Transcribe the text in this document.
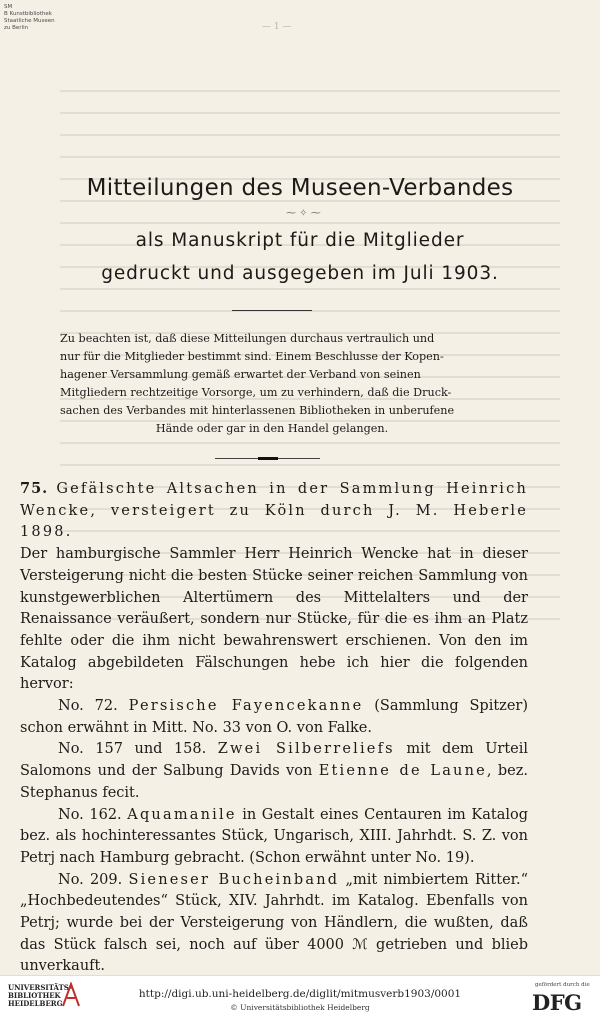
SM
B Kunstbibliothek
Staatliche Museen
zu Berlin	— 1 —
Mitteilungen des Museen-Verbandes
⁓ ✧ ⁓
als Manuskript für die Mitglieder
gedruckt und ausgegeben im Juli 1903.
Zu beachten ist, daß diese Mitteilungen durchaus vertraulich und
nur für die Mitglieder bestimmt sind. Einem Beschlusse der Kopen-
hagener Versammlung gemäß erwartet der Verband von seinen
Mitgliedern rechtzeitige Vorsorge, um zu verhindern, daß die Druck-
sachen des Verbandes mit hinterlassenen Bibliotheken in unberufene
Hände oder gar in den Handel gelangen.

75. Gefälschte Altsachen in der Sammlung Heinrich Wencke, versteigert zu Köln durch J. M. Heberle 1898.

Der hamburgische Sammler Herr Heinrich Wencke hat in dieser Versteigerung nicht die besten Stücke seiner reichen Sammlung von kunstgewerblichen Altertümern des Mittelalters und der Renaissance veräußert, sondern nur Stücke, für die es ihm an Platz fehlte oder die ihm nicht bewahrenswert erschienen. Von den im Katalog abgebildeten Fälschungen hebe ich hier die folgenden hervor:

No. 72. Persische Fayencekanne (Sammlung Spitzer) schon erwähnt in Mitt. No. 33 von O. von Falke.

No. 157 und 158. Zwei Silberreliefs mit dem Urteil Salomons und der Salbung Davids von Etienne de Laune, bez. Stephanus fecit.

No. 162. Aquamanile in Gestalt eines Centauren im Katalog bez. als hochinteressantes Stück, Ungarisch, XIII. Jahrhdt. S. Z. von Petrj nach Hamburg gebracht. (Schon erwähnt unter No. 19).

No. 209. Sieneser Bucheinband „mit nimbiertem Ritter.“ „Hochbedeutendes“ Stück, XIV. Jahrhdt. im Katalog. Ebenfalls von Petrj; wurde bei der Versteigerung von Händlern, die wußten, daß das Stück falsch sei, noch auf über 4000 ℳ getrieben und blieb unverkauft.

UNIVERSITÄTS-
BIBLIOTHEK
HEIDELBERG
http://digi.ub.uni-heidelberg.de/diglit/mitmusverb1903/0001
© Universitätsbibliothek Heidelberg
gefördert durch die
DFG
